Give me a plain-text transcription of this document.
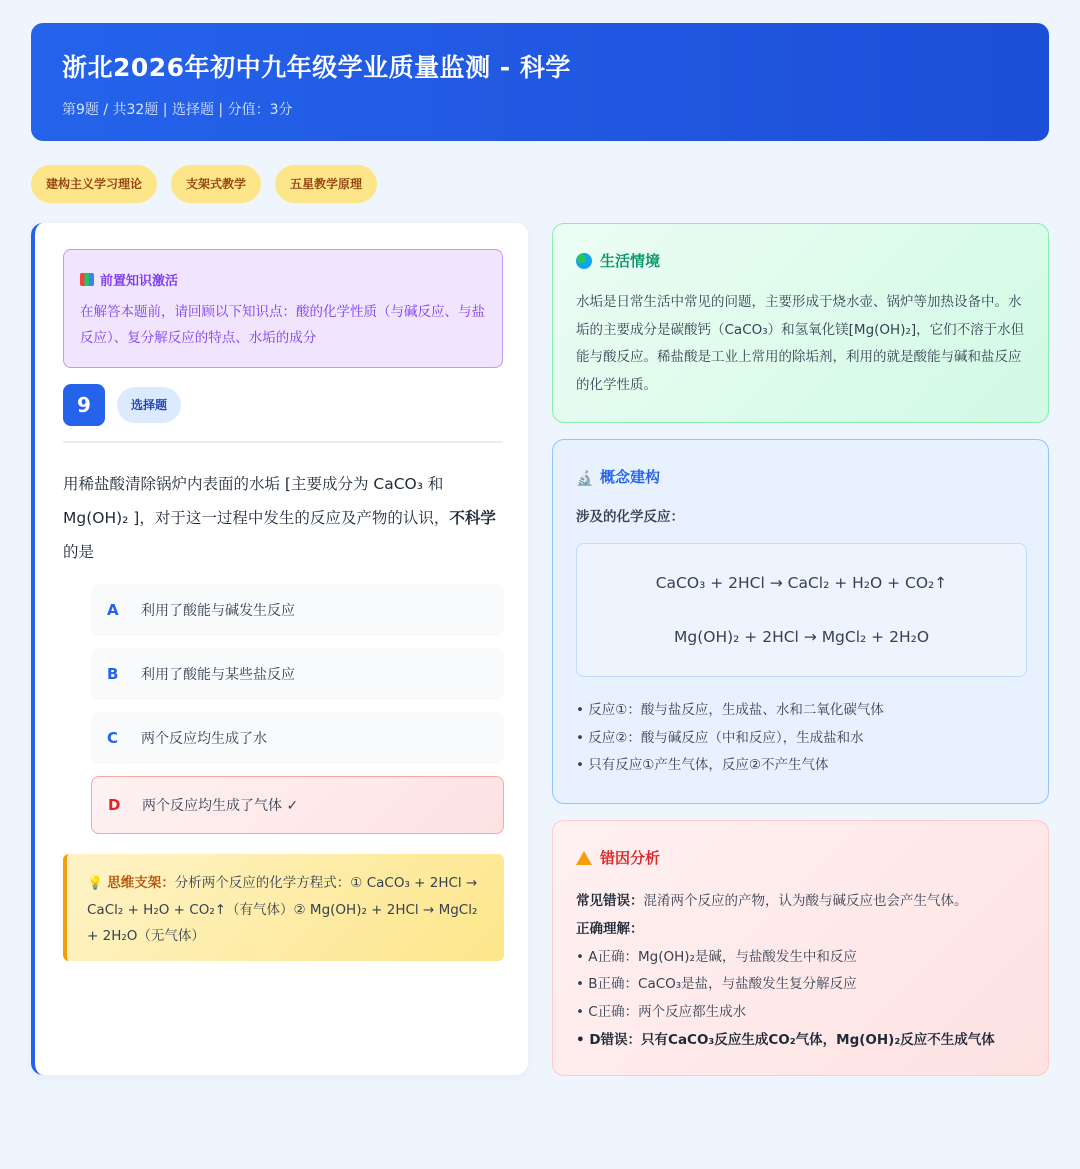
浙北2026年初中九年级学业质量监测 - 科学
第9题 / 共32题 | 选择题 | 分值：3分
建构主义学习理论	支架式教学	五星教学原理
前置知识激活
在解答本题前，请回顾以下知识点：酸的化学性质（与碱反应、与盐反应）、复分解反应的特点、水垢的成分
9	选择题
用稀盐酸清除锅炉内表面的水垢 [主要成分为 CaCO₃ 和 Mg(OH)₂ ]，对于这一过程中发生的反应及产物的认识，不科学的是
A	利用了酸能与碱发生反应
B	利用了酸能与某些盐反应
C	两个反应均生成了水
D	两个反应均生成了气体 ✓
💡 思维支架：分析两个反应的化学方程式：① CaCO₃ + 2HCl → CaCl₂ + H₂O + CO₂↑（有气体）② Mg(OH)₂ + 2HCl → MgCl₂ + 2H₂O（无气体）
生活情境
水垢是日常生活中常见的问题，主要形成于烧水壶、锅炉等加热设备中。水垢的主要成分是碳酸钙（CaCO₃）和氢氧化镁[Mg(OH)₂]，它们不溶于水但能与酸反应。稀盐酸是工业上常用的除垢剂，利用的就是酸能与碱和盐反应的化学性质。
🔬
概念建构
涉及的化学反应：
CaCO₃ + 2HCl → CaCl₂ + H₂O + CO₂↑
Mg(OH)₂ + 2HCl → MgCl₂ + 2H₂O
• 反应①：酸与盐反应，生成盐、水和二氧化碳气体
• 反应②：酸与碱反应（中和反应），生成盐和水
• 只有反应①产生气体，反应②不产生气体
错因分析
常见错误：混淆两个反应的产物，认为酸与碱反应也会产生气体。
正确理解：
• A正确：Mg(OH)₂是碱，与盐酸发生中和反应
• B正确：CaCO₃是盐，与盐酸发生复分解反应
• C正确：两个反应都生成水
• D错误：只有CaCO₃反应生成CO₂气体，Mg(OH)₂反应不生成气体
